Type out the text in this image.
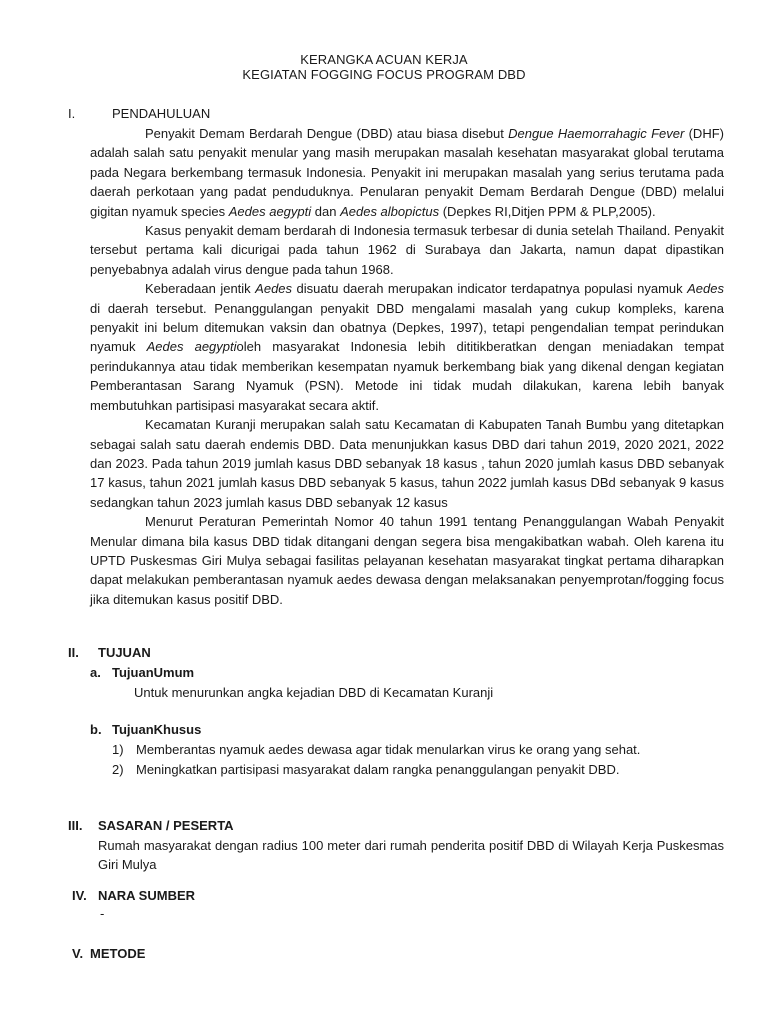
KERANGKA ACUAN KERJA
KEGIATAN FOGGING FOCUS PROGRAM DBD
I.	PENDAHULUAN

Penyakit Demam Berdarah Dengue (DBD) atau biasa disebut Dengue Haemorrahagic Fever (DHF) adalah salah satu penyakit menular yang masih merupakan masalah kesehatan masyarakat global terutama pada Negara berkembang termasuk Indonesia. Penyakit ini merupakan masalah yang serius terutama pada daerah perkotaan yang padat penduduknya. Penularan penyakit Demam Berdarah Dengue (DBD) melalui gigitan nyamuk species Aedes aegypti dan Aedes albopictus (Depkes RI,Ditjen PPM & PLP,2005).

Kasus penyakit demam berdarah di Indonesia termasuk terbesar di dunia setelah Thailand. Penyakit tersebut pertama kali dicurigai pada tahun 1962 di Surabaya dan Jakarta, namun dapat dipastikan penyebabnya adalah virus dengue pada tahun 1968.

Keberadaan jentik Aedes disuatu daerah merupakan indicator terdapatnya populasi nyamuk Aedes di daerah tersebut. Penanggulangan penyakit DBD mengalami masalah yang cukup kompleks, karena penyakit ini belum ditemukan vaksin dan obatnya (Depkes, 1997), tetapi pengendalian tempat perindukan nyamuk Aedes aegyptioleh masyarakat Indonesia lebih dititikberatkan dengan meniadakan tempat perindukannya atau tidak memberikan kesempatan nyamuk berkembang biak yang dikenal dengan kegiatan Pemberantasan Sarang Nyamuk (PSN). Metode ini tidak mudah dilakukan, karena lebih banyak membutuhkan partisipasi masyarakat secara aktif.

Kecamatan Kuranji merupakan salah satu Kecamatan di Kabupaten Tanah Bumbu yang ditetapkan sebagai salah satu daerah endemis DBD. Data menunjukkan kasus DBD dari tahun 2019, 2020 2021, 2022 dan 2023. Pada tahun 2019 jumlah kasus DBD sebanyak 18 kasus , tahun 2020 jumlah kasus DBD sebanyak 17 kasus, tahun 2021 jumlah kasus DBD sebanyak 5 kasus, tahun 2022 jumlah kasus DBd sebanyak 9 kasus sedangkan tahun 2023 jumlah kasus DBD sebanyak 12 kasus

Menurut Peraturan Pemerintah Nomor 40 tahun 1991 tentang Penanggulangan Wabah Penyakit Menular dimana bila kasus DBD tidak ditangani dengan segera bisa mengakibatkan wabah. Oleh karena itu UPTD Puskesmas Giri Mulya sebagai fasilitas pelayanan kesehatan masyarakat tingkat pertama diharapkan dapat melakukan pemberantasan nyamuk aedes dewasa dengan melaksanakan penyemprotan/fogging focus jika ditemukan kasus positif DBD.

II. TUJUAN
a. TujuanUmum
Untuk menurunkan angka kejadian DBD di Kecamatan Kuranji
b. TujuanKhusus
1) Memberantas nyamuk aedes dewasa agar tidak menularkan virus ke orang yang sehat.
2) Meningkatkan partisipasi masyarakat dalam rangka penanggulangan penyakit DBD.
III. SASARAN / PESERTA

Rumah masyarakat dengan radius 100 meter dari rumah penderita positif DBD di Wilayah Kerja Puskesmas Giri Mulya

IV. NARA SUMBER
-
V. METODE
